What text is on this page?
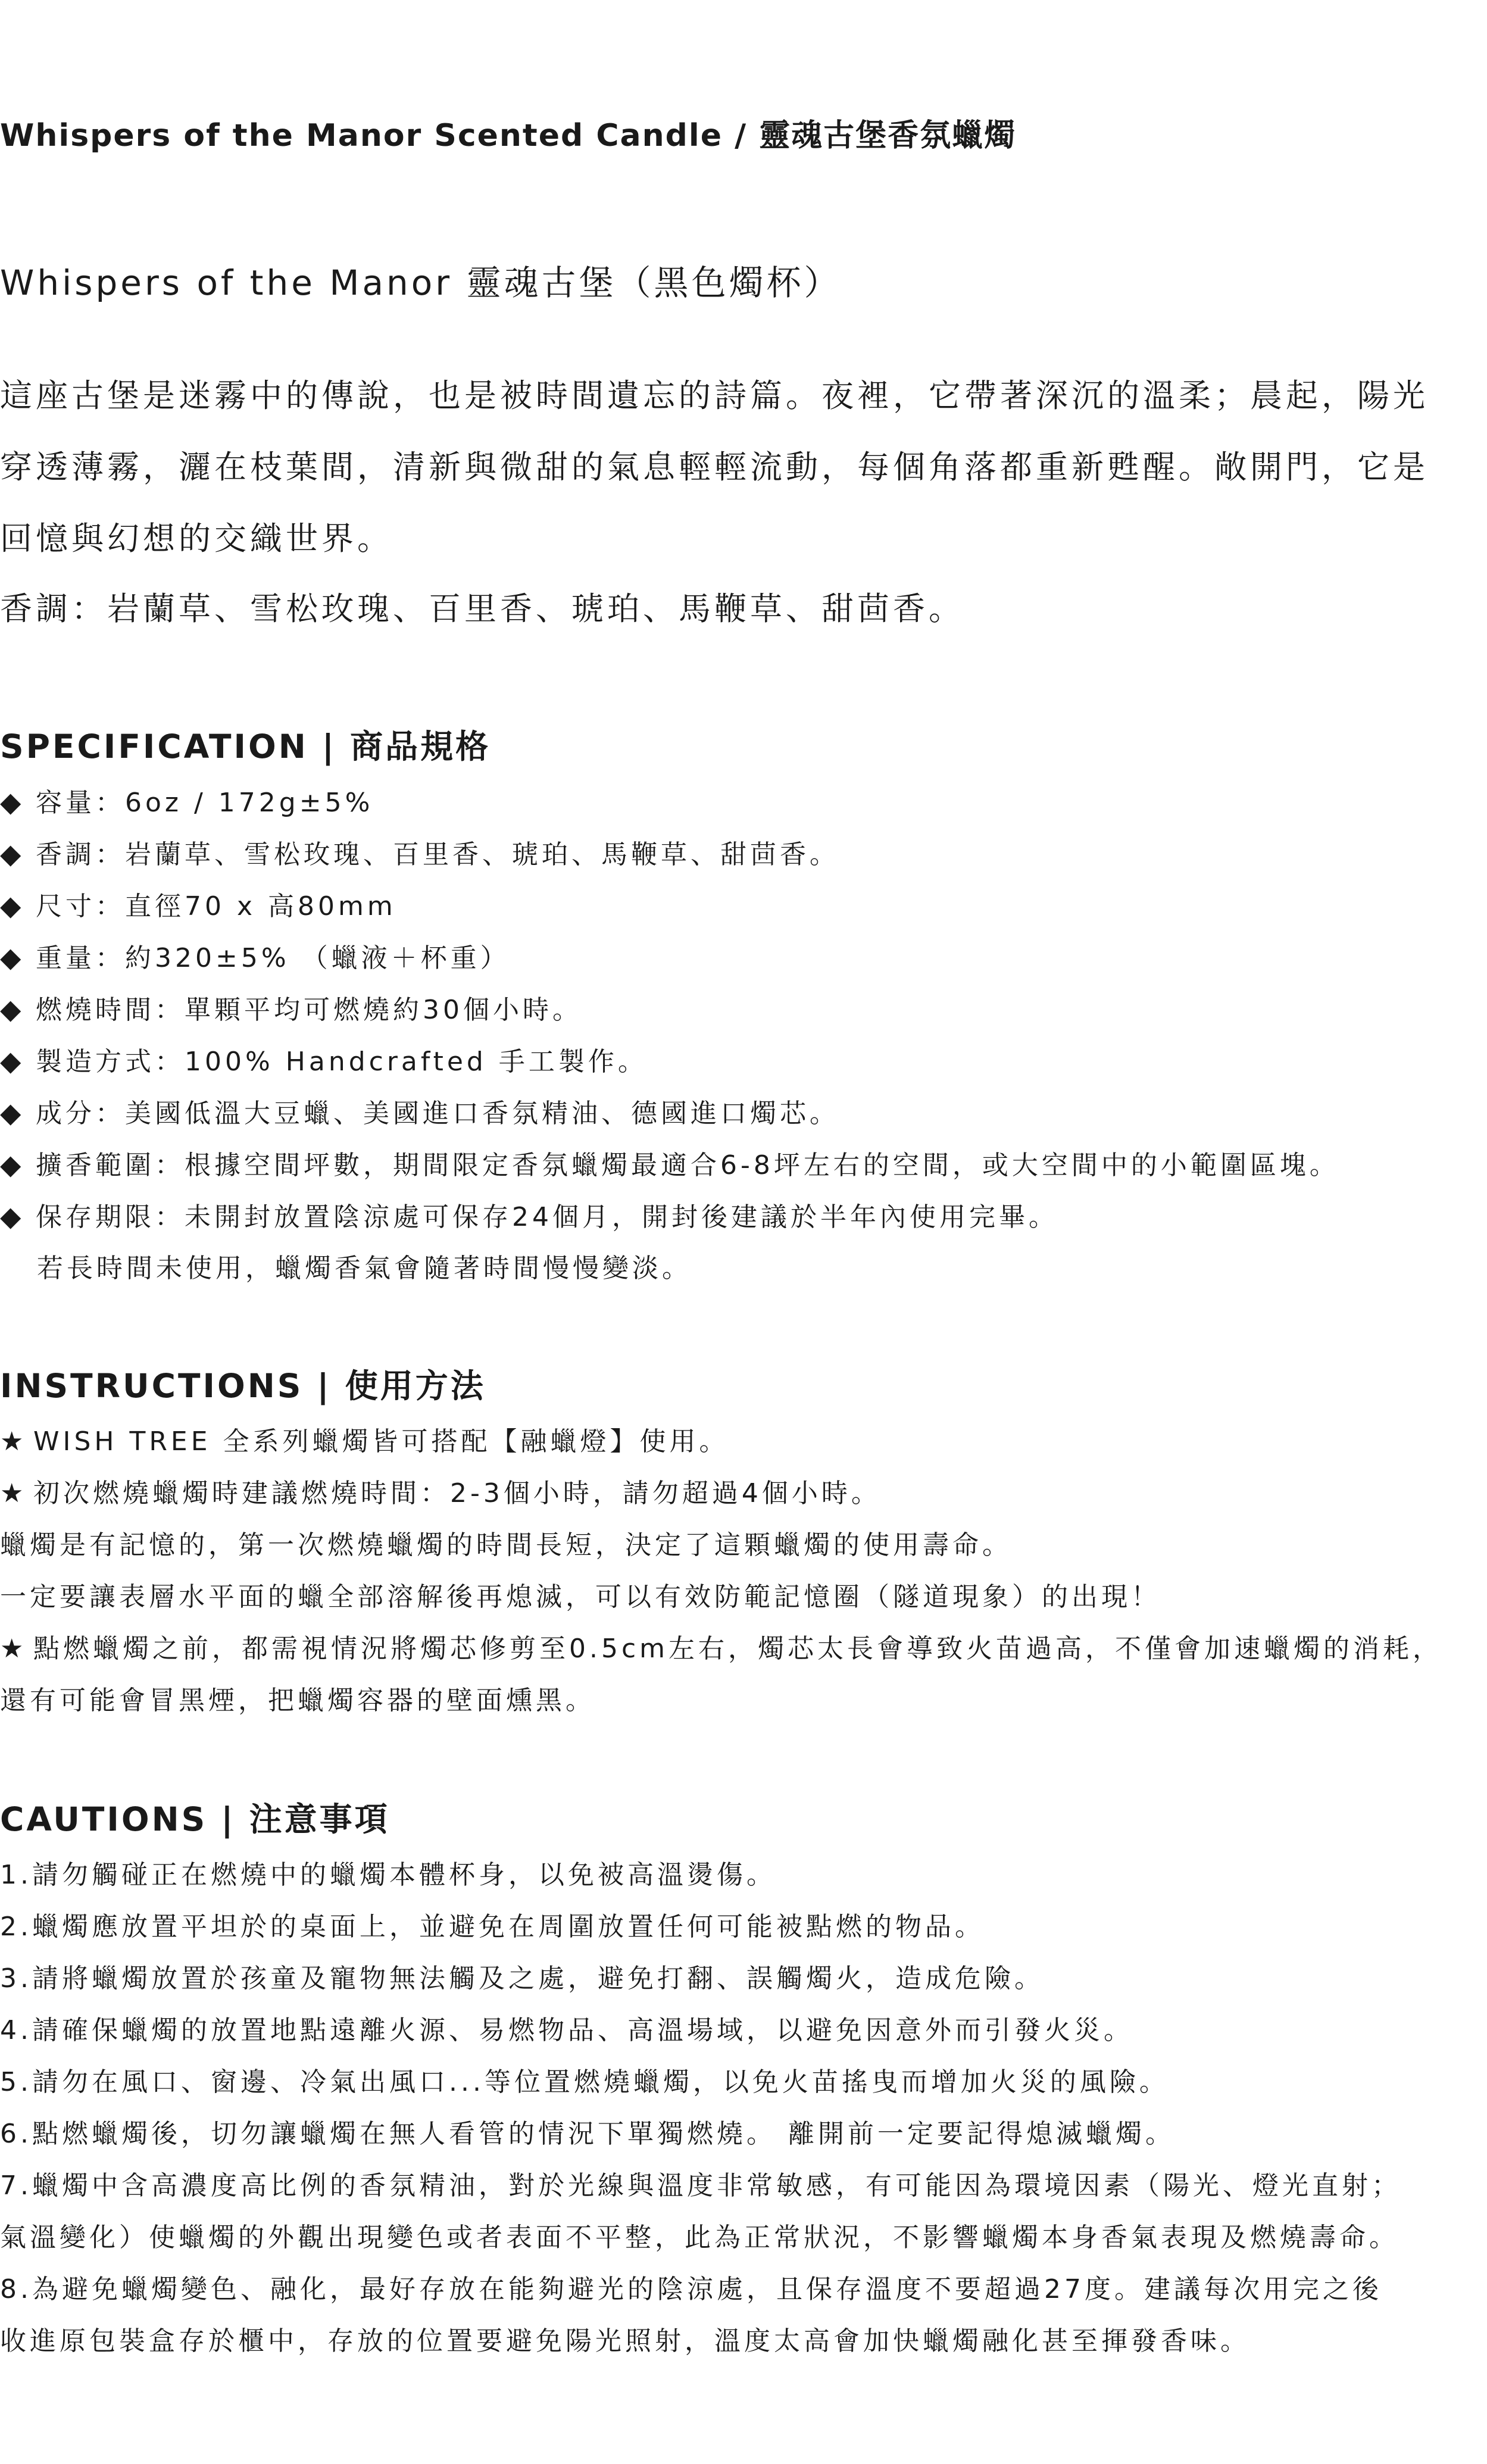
Whispers of the Manor Scented Candle / 靈魂古堡香氛蠟燭
Whispers of the Manor 靈魂古堡（黑色燭杯）

這座古堡是迷霧中的傳說，也是被時間遺忘的詩篇。夜裡，它帶著深沉的溫柔；晨起，陽光

穿透薄霧，灑在枝葉間，清新與微甜的氣息輕輕流動，每個角落都重新甦醒。敞開門，它是

回憶與幻想的交織世界。

香調：岩蘭草、雪松玫瑰、百里香、琥珀、馬鞭草、甜茴香。
SPECIFICATION | 商品規格
◆ 容量：6oz / 172g±5%
◆ 香調：岩蘭草、雪松玫瑰、百里香、琥珀、馬鞭草、甜茴香。
◆ 尺寸：直徑70 x 高80mm
◆ 重量：約320±5% （蠟液＋杯重）
◆ 燃燒時間：單顆平均可燃燒約30個小時。
◆ 製造方式：100% Handcrafted 手工製作。
◆ 成分：美國低溫大豆蠟、美國進口香氛精油、德國進口燭芯。
◆ 擴香範圍：根據空間坪數，期間限定香氛蠟燭最適合6-8坪左右的空間，或大空間中的小範圍區塊。
◆ 保存期限：未開封放置陰涼處可保存24個月，開封後建議於半年內使用完畢。
若長時間未使用，蠟燭香氣會隨著時間慢慢變淡。
INSTRUCTIONS | 使用方法
★ WISH TREE 全系列蠟燭皆可搭配【融蠟燈】使用。
★ 初次燃燒蠟燭時建議燃燒時間：2-3個小時，請勿超過4個小時。
蠟燭是有記憶的，第一次燃燒蠟燭的時間長短，決定了這顆蠟燭的使用壽命。
一定要讓表層水平面的蠟全部溶解後再熄滅，可以有效防範記憶圈（隧道現象）的出現！
★ 點燃蠟燭之前，都需視情況將燭芯修剪至0.5cm左右，燭芯太長會導致火苗過高，不僅會加速蠟燭的消耗，
還有可能會冒黑煙，把蠟燭容器的壁面燻黑。
CAUTIONS | 注意事項
1.請勿觸碰正在燃燒中的蠟燭本體杯身，以免被高溫燙傷。
2.蠟燭應放置平坦於的桌面上，並避免在周圍放置任何可能被點燃的物品。
3.請將蠟燭放置於孩童及寵物無法觸及之處，避免打翻、誤觸燭火，造成危險。
4.請確保蠟燭的放置地點遠離火源、易燃物品、高溫場域，以避免因意外而引發火災。
5.請勿在風口、窗邊、冷氣出風口...等位置燃燒蠟燭，以免火苗搖曳而增加火災的風險。
6.點燃蠟燭後，切勿讓蠟燭在無人看管的情況下單獨燃燒。 離開前一定要記得熄滅蠟燭。
7.蠟燭中含高濃度高比例的香氛精油，對於光線與溫度非常敏感，有可能因為環境因素（陽光、燈光直射；
氣溫變化）使蠟燭的外觀出現變色或者表面不平整，此為正常狀況，不影響蠟燭本身香氣表現及燃燒壽命。
8.為避免蠟燭變色、融化，最好存放在能夠避光的陰涼處，且保存溫度不要超過27度。建議每次用完之後
收進原包裝盒存於櫃中，存放的位置要避免陽光照射，溫度太高會加快蠟燭融化甚至揮發香味。
